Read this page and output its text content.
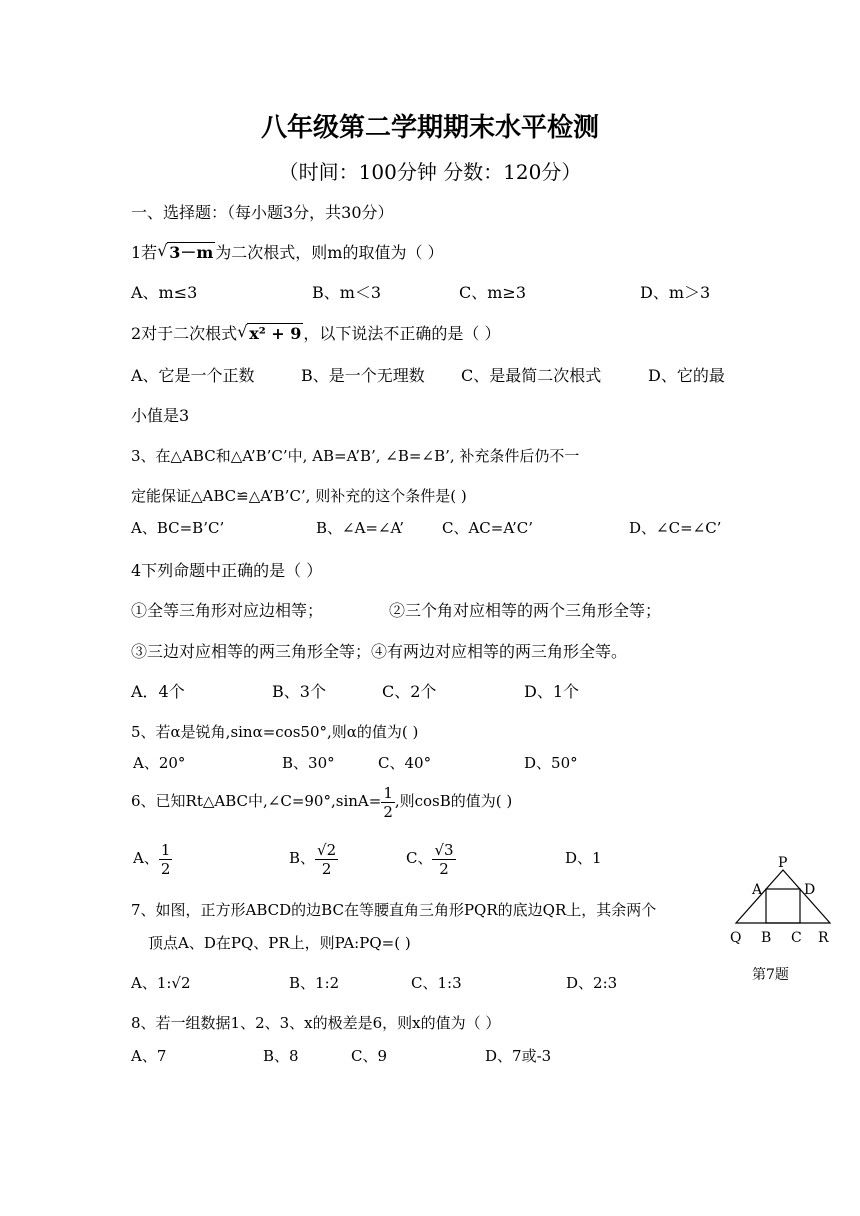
八年级第二学期期末水平检测
（时间：100分钟 分数：120分）
一、选择题：（每小题3分，共30分）
1若 √ 3－m 为二次根式，则m的取值为（ ）
A、m≤3	B、m＜3	C、m≥3	D、m＞3
2对于二次根式 √ x² + 9 ，以下说法不正确的是（ ）
A、它是一个正数	B、是一个无理数 C、是最简二次根式	D、它的最
小值是3
3、在△ABC和△A’B’C’中, AB=A’B’, ∠B=∠B’, 补充条件后仍不一
定能保证△ABC≌△A’B’C’, 则补充的这个条件是( )
A、BC=B’C’	B、∠A=∠A’	C、AC=A’C’	D、∠C=∠C’
4下列命题中正确的是（ ）
①全等三角形对应边相等；	②三个角对应相等的两个三角形全等；
③三边对应相等的两三角形全等；④有两边对应相等的两三角形全等。
A．4个	B、3个	C、2个	D、1个
5、若α是锐角,sinα=cos50°,则α的值为( )
A、20°	B、30°	C、40°	D、50°
6、已知Rt△ABC中,∠C=90°,sinA= $\frac{1}{2}$ ,则cosB的值为( )
A、 $\frac{1}{2}$	B、 $\frac{√2}{2}$	C、 $\frac{√3}{2}$	D、1
7、如图，正方形ABCD的边BC在等腰直角三角形PQR的底边QR上，其余两个
顶点A、D在PQ、PR上，则PA:PQ=( )
A、1:√2	B、1:2	C、1:3	D、2:3
P
A	D
Q B C R
第7题
8、若一组数据1、2、3、x的极差是6，则x的值为（ ）
A、7	B、8	C、9	D、7或-3
